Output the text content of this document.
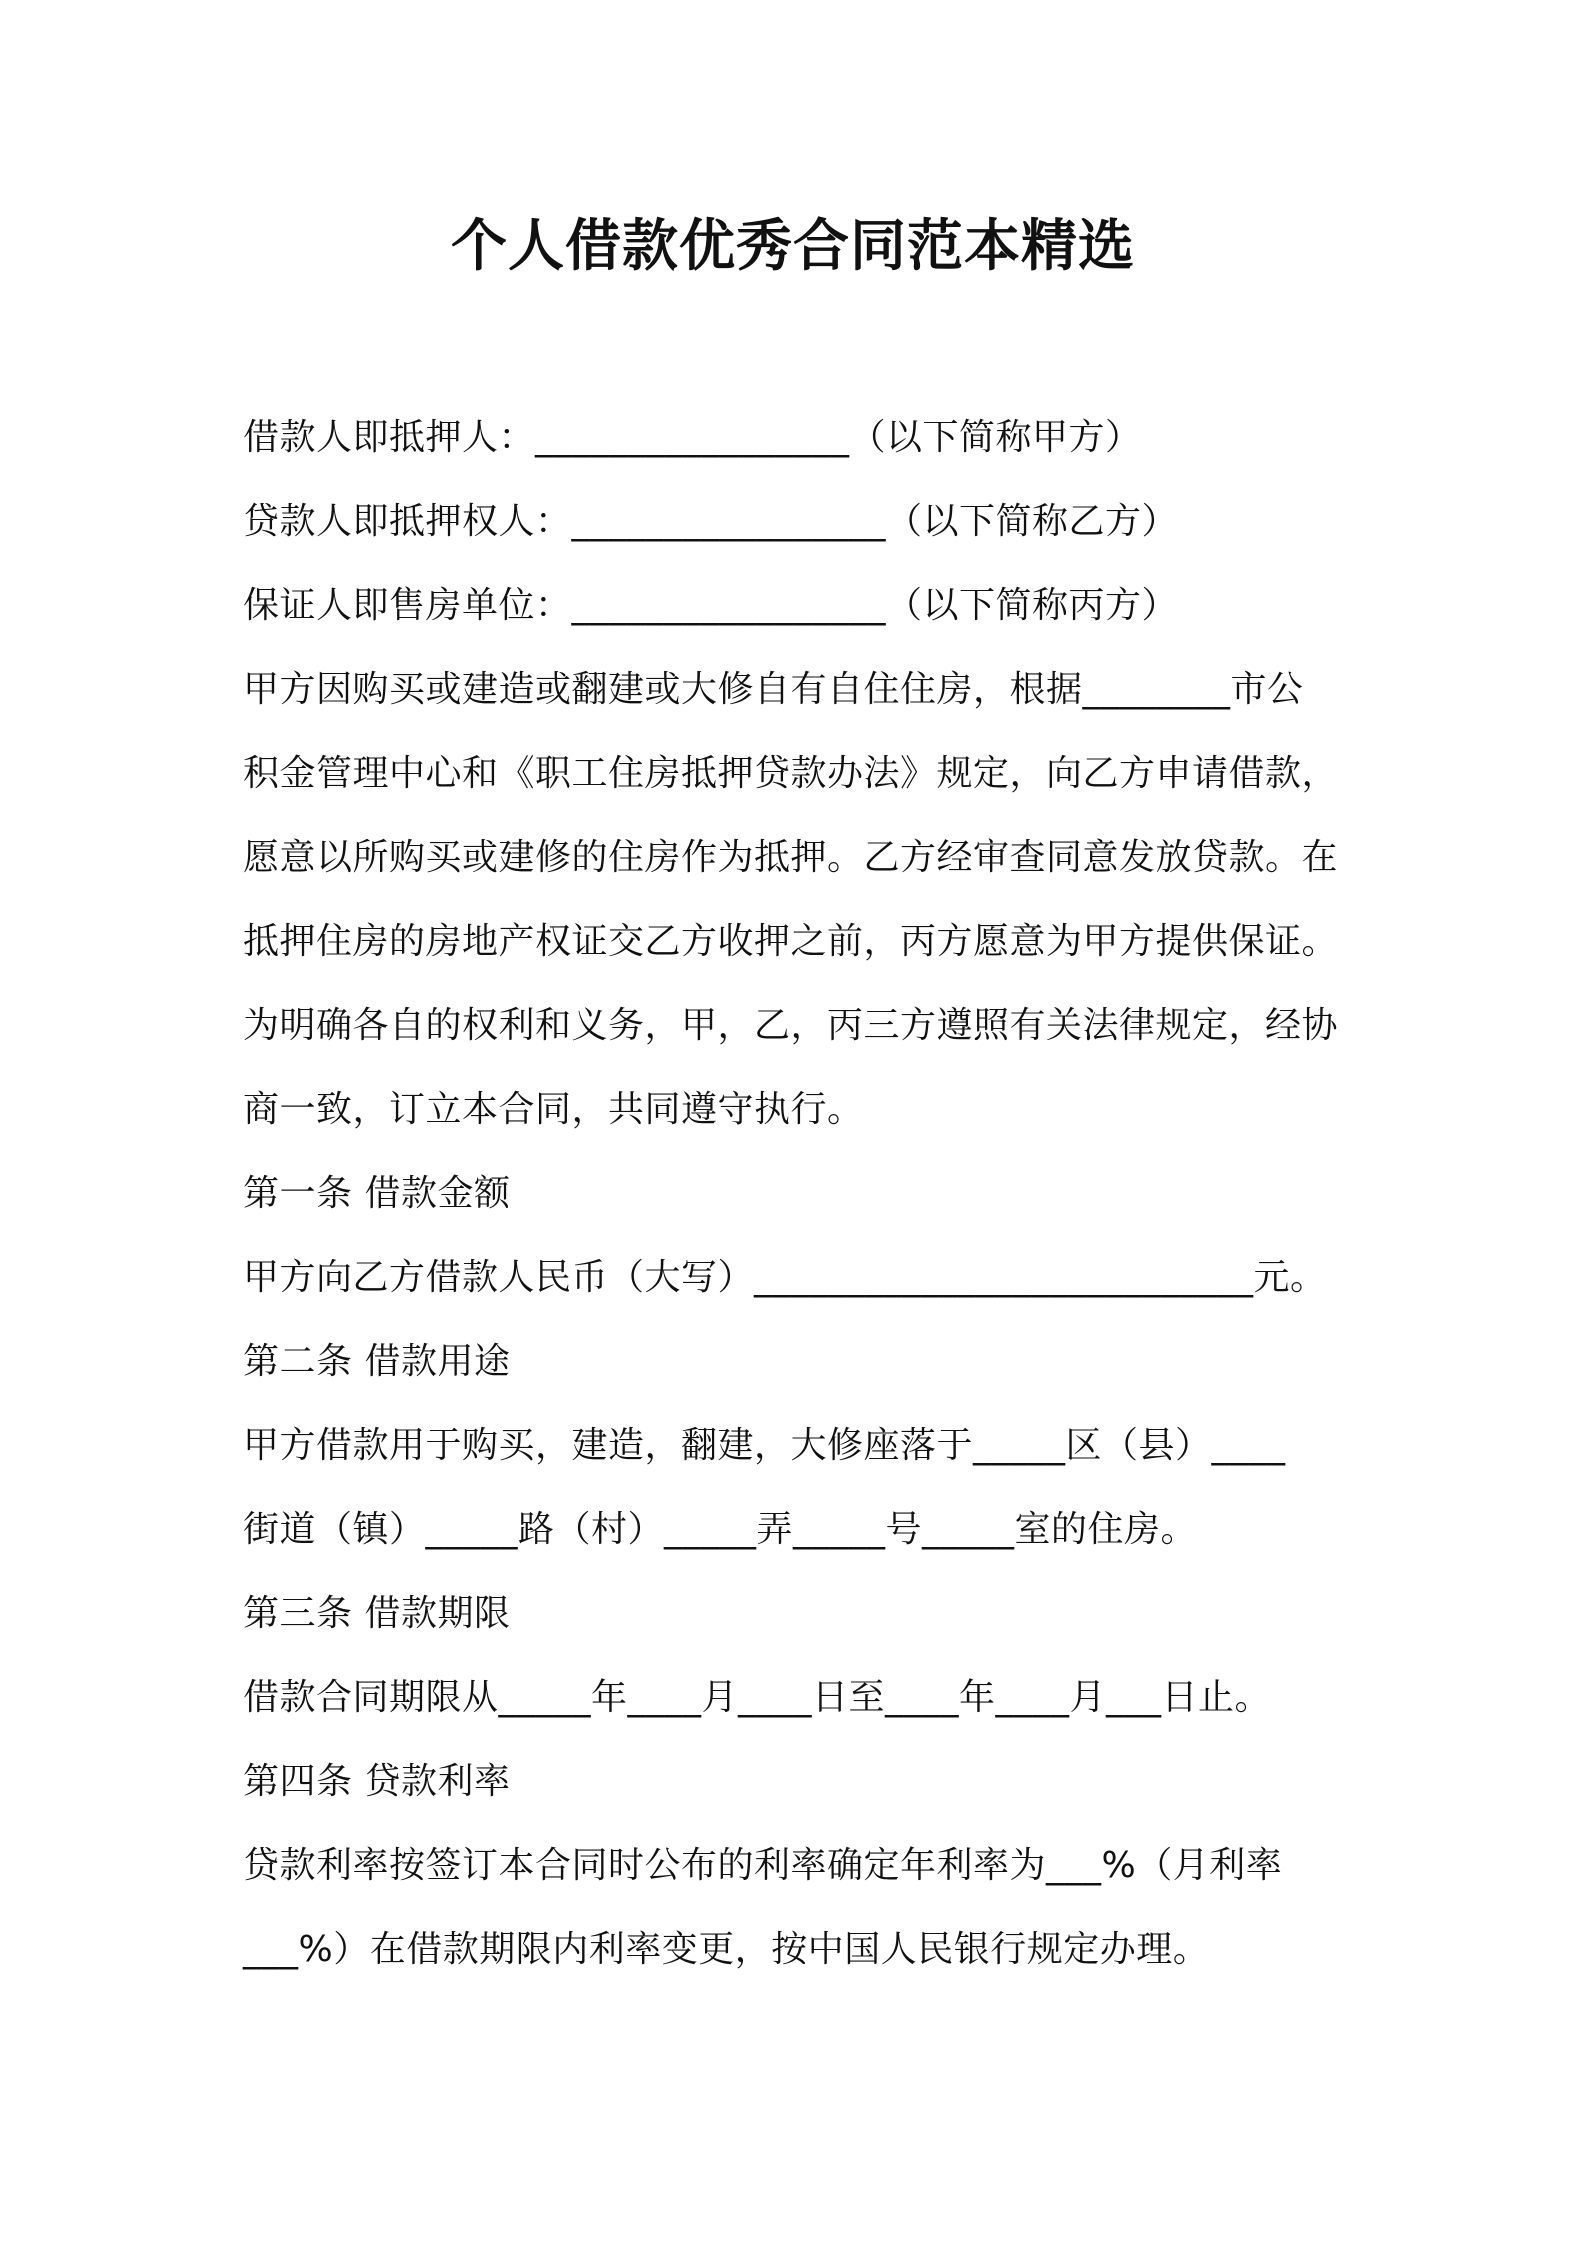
个人借款优秀合同范本精选
借款人即抵押人：_________________（以下简称甲方）
贷款人即抵押权人：_________________（以下简称乙方）
保证人即售房单位：_________________（以下简称丙方）
甲方因购买或建造或翻建或大修自有自住住房，根据________市公
积金管理中心和《职工住房抵押贷款办法》规定，向乙方申请借款，
愿意以所购买或建修的住房作为抵押。乙方经审查同意发放贷款。在
抵押住房的房地产权证交乙方收押之前，丙方愿意为甲方提供保证。
为明确各自的权利和义务，甲，乙，丙三方遵照有关法律规定，经协
商一致，订立本合同，共同遵守执行。
第一条 借款金额
甲方向乙方借款人民币（大写）___________________________元。
第二条 借款用途
甲方借款用于购买，建造，翻建，大修座落于_____区（县）____
街道（镇）_____路（村）_____弄_____号_____室的住房。
第三条 借款期限
借款合同期限从_____年____月____日至____年____月___日止。
第四条 贷款利率
贷款利率按签订本合同时公布的利率确定年利率为___%（月利率
___%）在借款期限内利率变更，按中国人民银行规定办理。
